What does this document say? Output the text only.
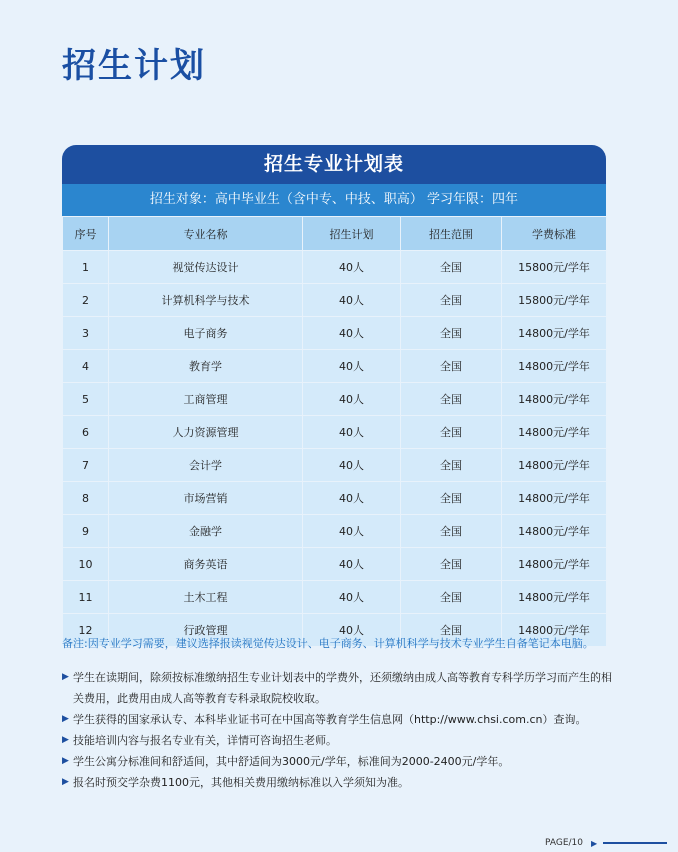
招生计划
招生专业计划表
招生对象：高中毕业生（含中专、中技、职高） 学习年限：四年
序号	专业名称	招生计划	招生范围	学费标准
1	视觉传达设计	40人	全国	15800元/学年
2	计算机科学与技术	40人	全国	15800元/学年
3	电子商务	40人	全国	14800元/学年
4	教育学	40人	全国	14800元/学年
5	工商管理	40人	全国	14800元/学年
6	人力资源管理	40人	全国	14800元/学年
7	会计学	40人	全国	14800元/学年
8	市场营销	40人	全国	14800元/学年
9	金融学	40人	全国	14800元/学年
10	商务英语	40人	全国	14800元/学年
11	土木工程	40人	全国	14800元/学年
12	行政管理	40人	全国	14800元/学年
备注:因专业学习需要，建议选择报读视觉传达设计、电子商务、计算机科学与技术专业学生自备笔记本电脑。
▶ 学生在读期间，除须按标准缴纳招生专业计划表中的学费外，还须缴纳由成人高等教育专科学历学习而产生的相关费用，此费用由成人高等教育专科录取院校收取。
▶ 学生获得的国家承认专、本科毕业证书可在中国高等教育学生信息网（http://www.chsi.com.cn）查询。
▶ 技能培训内容与报名专业有关，详情可咨询招生老师。
▶ 学生公寓分标准间和舒适间，其中舒适间为3000元/学年，标准间为2000-2400元/学年。
▶ 报名时预交学杂费1100元，其他相关费用缴纳标准以入学须知为准。
PAGE/10 ▶
